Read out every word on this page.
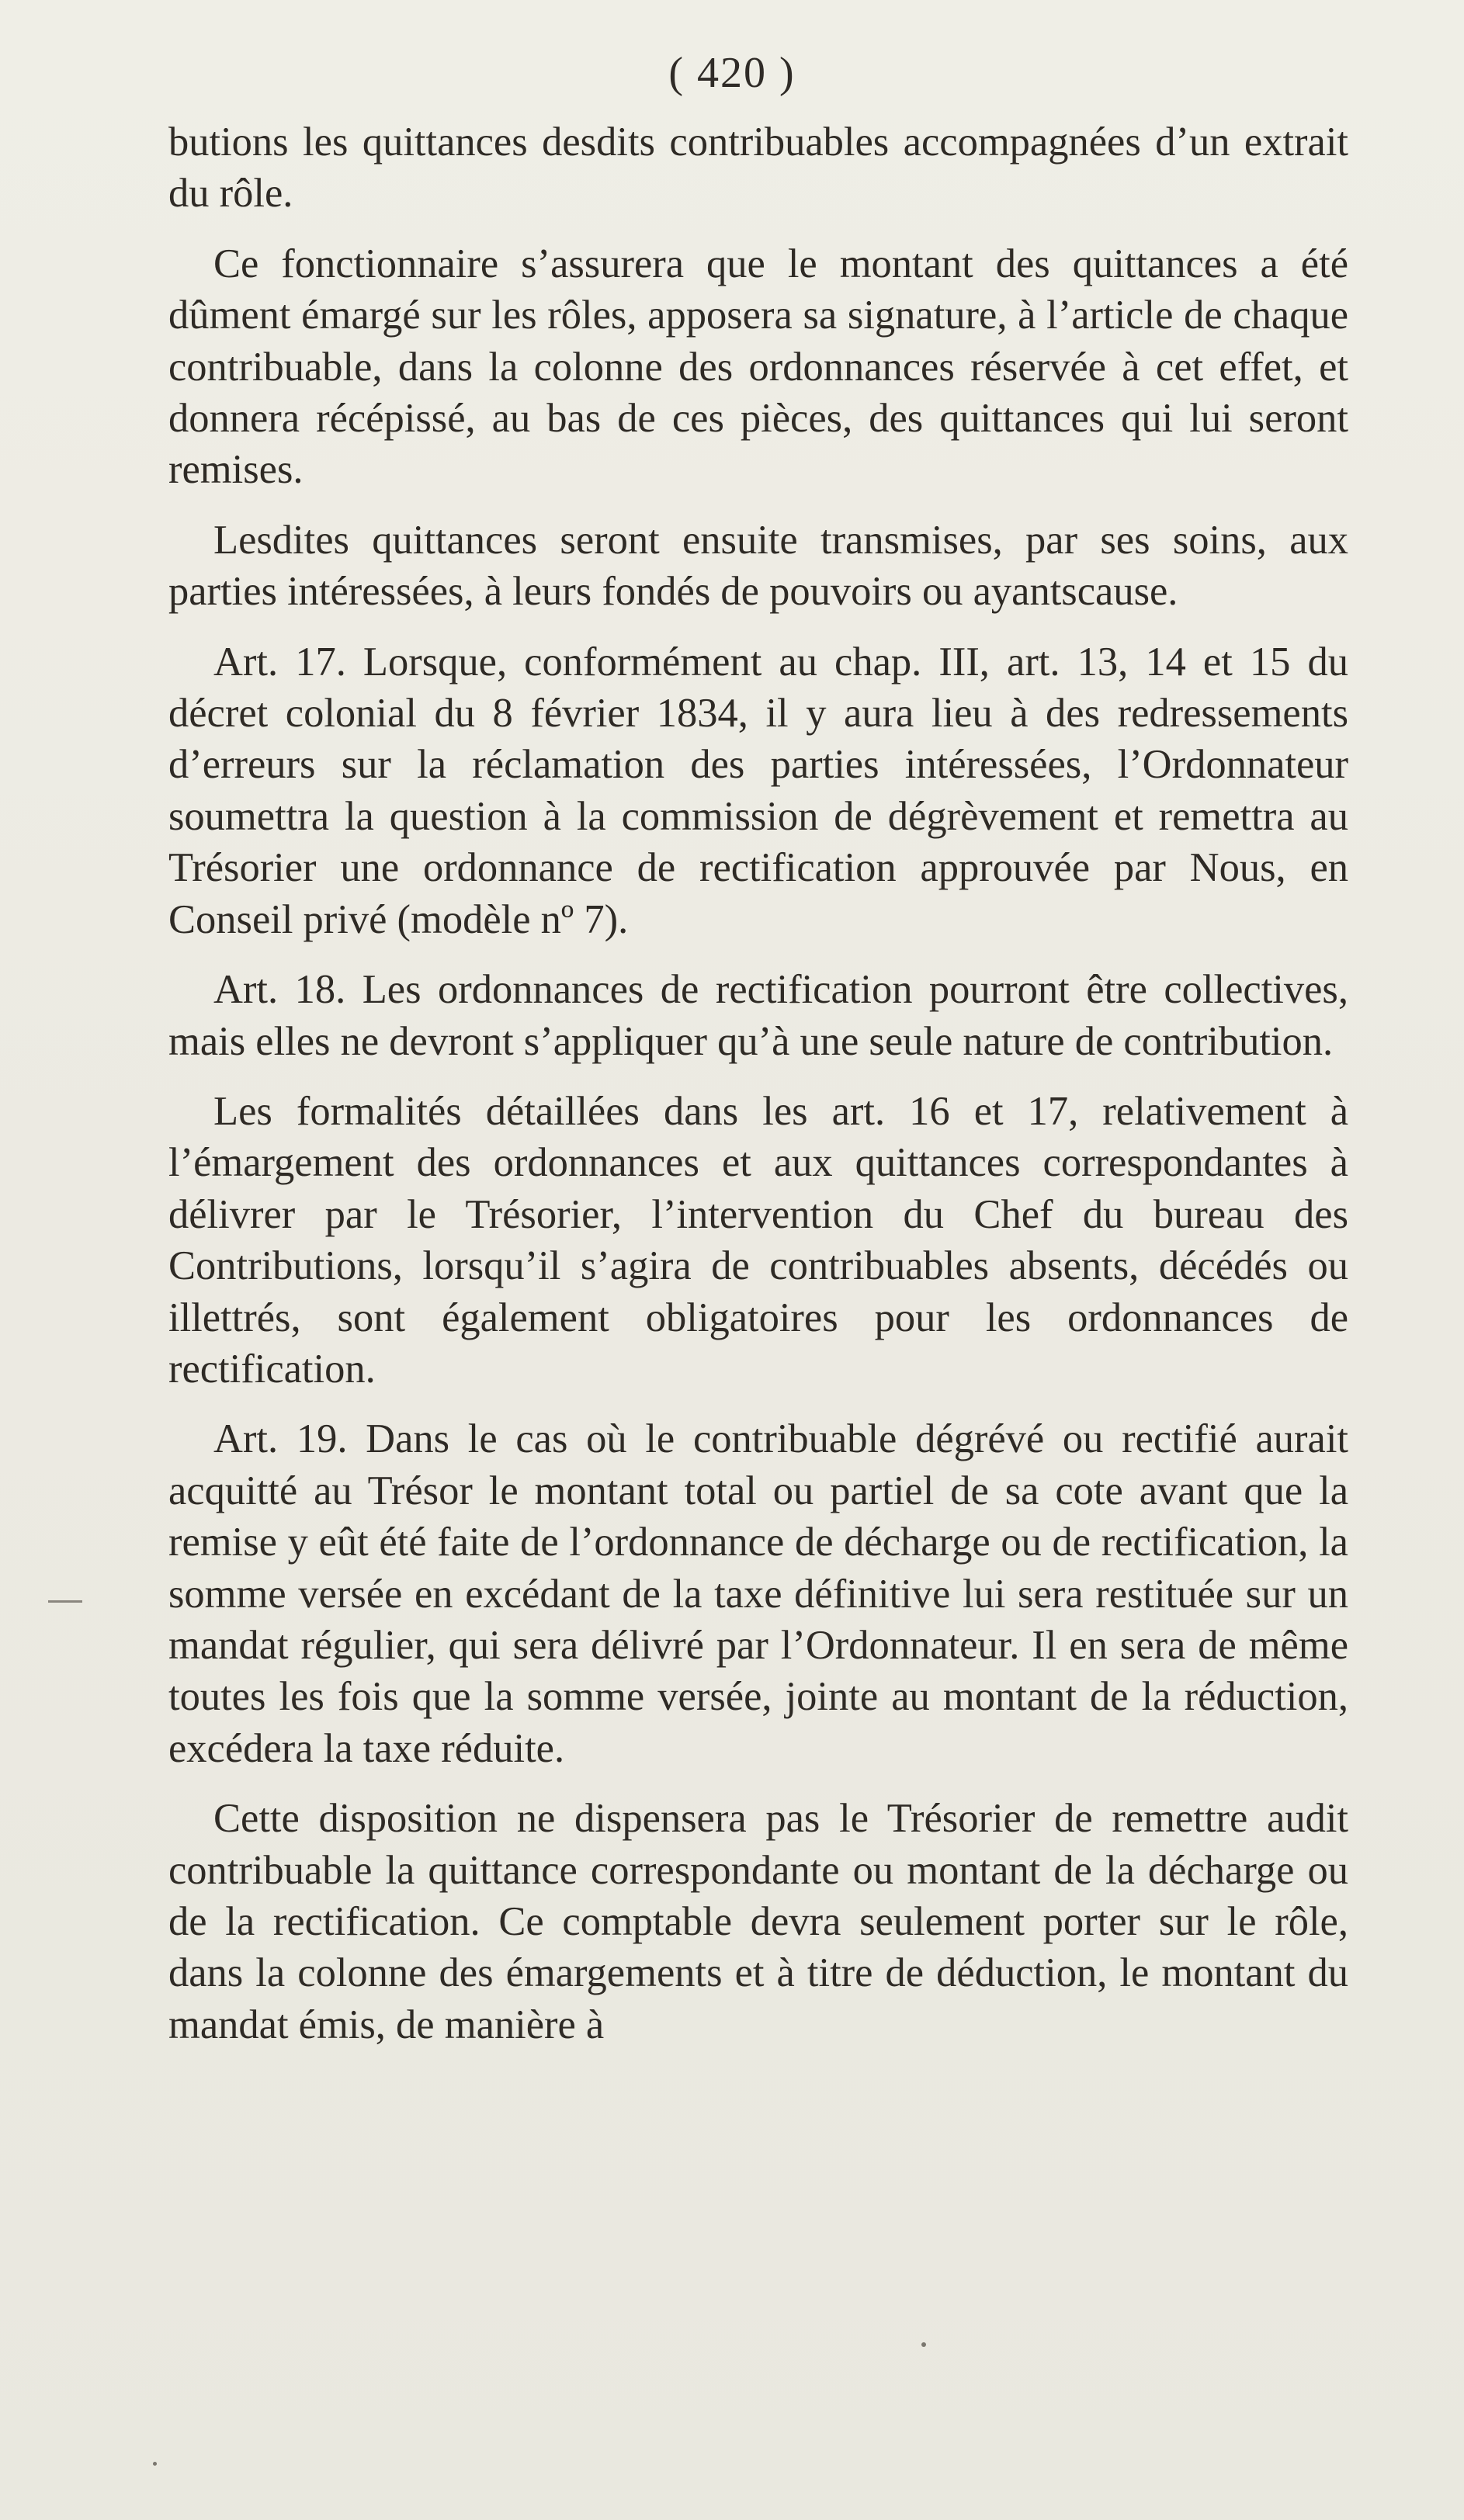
( 420 )

butions les quittances desdits contribuables accompagnées d’un extrait du rôle.

Ce fonctionnaire s’assurera que le montant des quittances a été dûment émargé sur les rôles, apposera sa signature, à l’article de chaque contribuable, dans la colonne des ordonnances réservée à cet effet, et donnera récépissé, au bas de ces pièces, des quittances qui lui seront remises.

Lesdites quittances seront ensuite transmises, par ses soins, aux parties intéressées, à leurs fondés de pouvoirs ou ayantscause.

Art. 17. Lorsque, conformément au chap. III, art. 13, 14 et 15 du décret colonial du 8 février 1834, il y aura lieu à des redressements d’erreurs sur la réclamation des parties intéressées, l’Ordonnateur soumettra la question à la commission de dégrèvement et remettra au Trésorier une ordonnance de rectification approuvée par Nous, en Conseil privé (modèle nº 7).

Art. 18. Les ordonnances de rectification pourront être collectives, mais elles ne devront s’appliquer qu’à une seule nature de contribution.

Les formalités détaillées dans les art. 16 et 17, relativement à l’émargement des ordonnances et aux quittances correspondantes à délivrer par le Trésorier, l’intervention du Chef du bureau des Contributions, lorsqu’il s’agira de contribuables absents, décédés ou illettrés, sont également obligatoires pour les ordonnances de rectification.

Art. 19. Dans le cas où le contribuable dégrévé ou rectifié aurait acquitté au Trésor le montant total ou partiel de sa cote avant que la remise y eût été faite de l’ordonnance de décharge ou de rectification, la somme versée en excédant de la taxe définitive lui sera restituée sur un mandat régulier, qui sera délivré par l’Ordonnateur. Il en sera de même toutes les fois que la somme versée, jointe au montant de la réduction, excédera la taxe réduite.

Cette disposition ne dispensera pas le Trésorier de remettre audit contribuable la quittance correspondante ou montant de la décharge ou de la rectification. Ce comptable devra seulement porter sur le rôle, dans la colonne des émargements et à titre de déduction, le montant du mandat émis, de manière à
